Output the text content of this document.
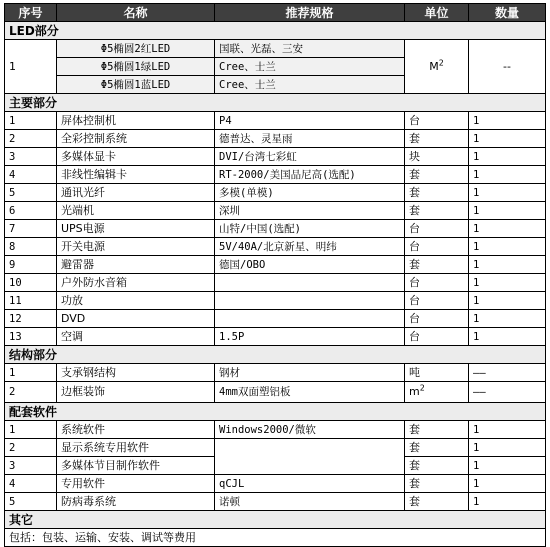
序号	名称	推荐规格	单位	数量
LED部分				
1	Φ5椭圆2红LED	国联、光磊、三安	$M^2$	--
	Φ5椭圆1绿LED	Cree、士兰		
	Φ5椭圆1蓝LED	Cree、士兰		
主要部分				
1	屏体控制机	P4	台	1
2	全彩控制系统	德普达、灵星雨	套	1
3	多媒体显卡	DVI/台湾七彩虹	块	1
4	非线性编辑卡	RT-2000/美国品尼高(选配)	套	1
5	通讯光纤	多模(单模)	套	1
6	光端机	深圳	套	1
7	UPS电源	山特/中国(选配)	台	1
8	开关电源	5V/40A/北京新星、明纬	台	1
9	避雷器	德国/OBO	套	1
10	户外防水音箱		台	1
11	功放		台	1
12	DVD		台	1
13	空调	1.5P	台	1
结构部分				
1	支承钢结构	钢材	吨	——
2	边框装饰	4mm双面塑铝板	$m^2$	——
配套软件				
1	系统软件	Windows2000/微软	套	1
2	显示系统专用软件		套	1
3	多媒体节目制作软件		套	1
4	专用软件	qCJL	套	1
5	防病毒系统	诺顿	套	1
其它				
包括：包装、运输、安装、调试等费用				
